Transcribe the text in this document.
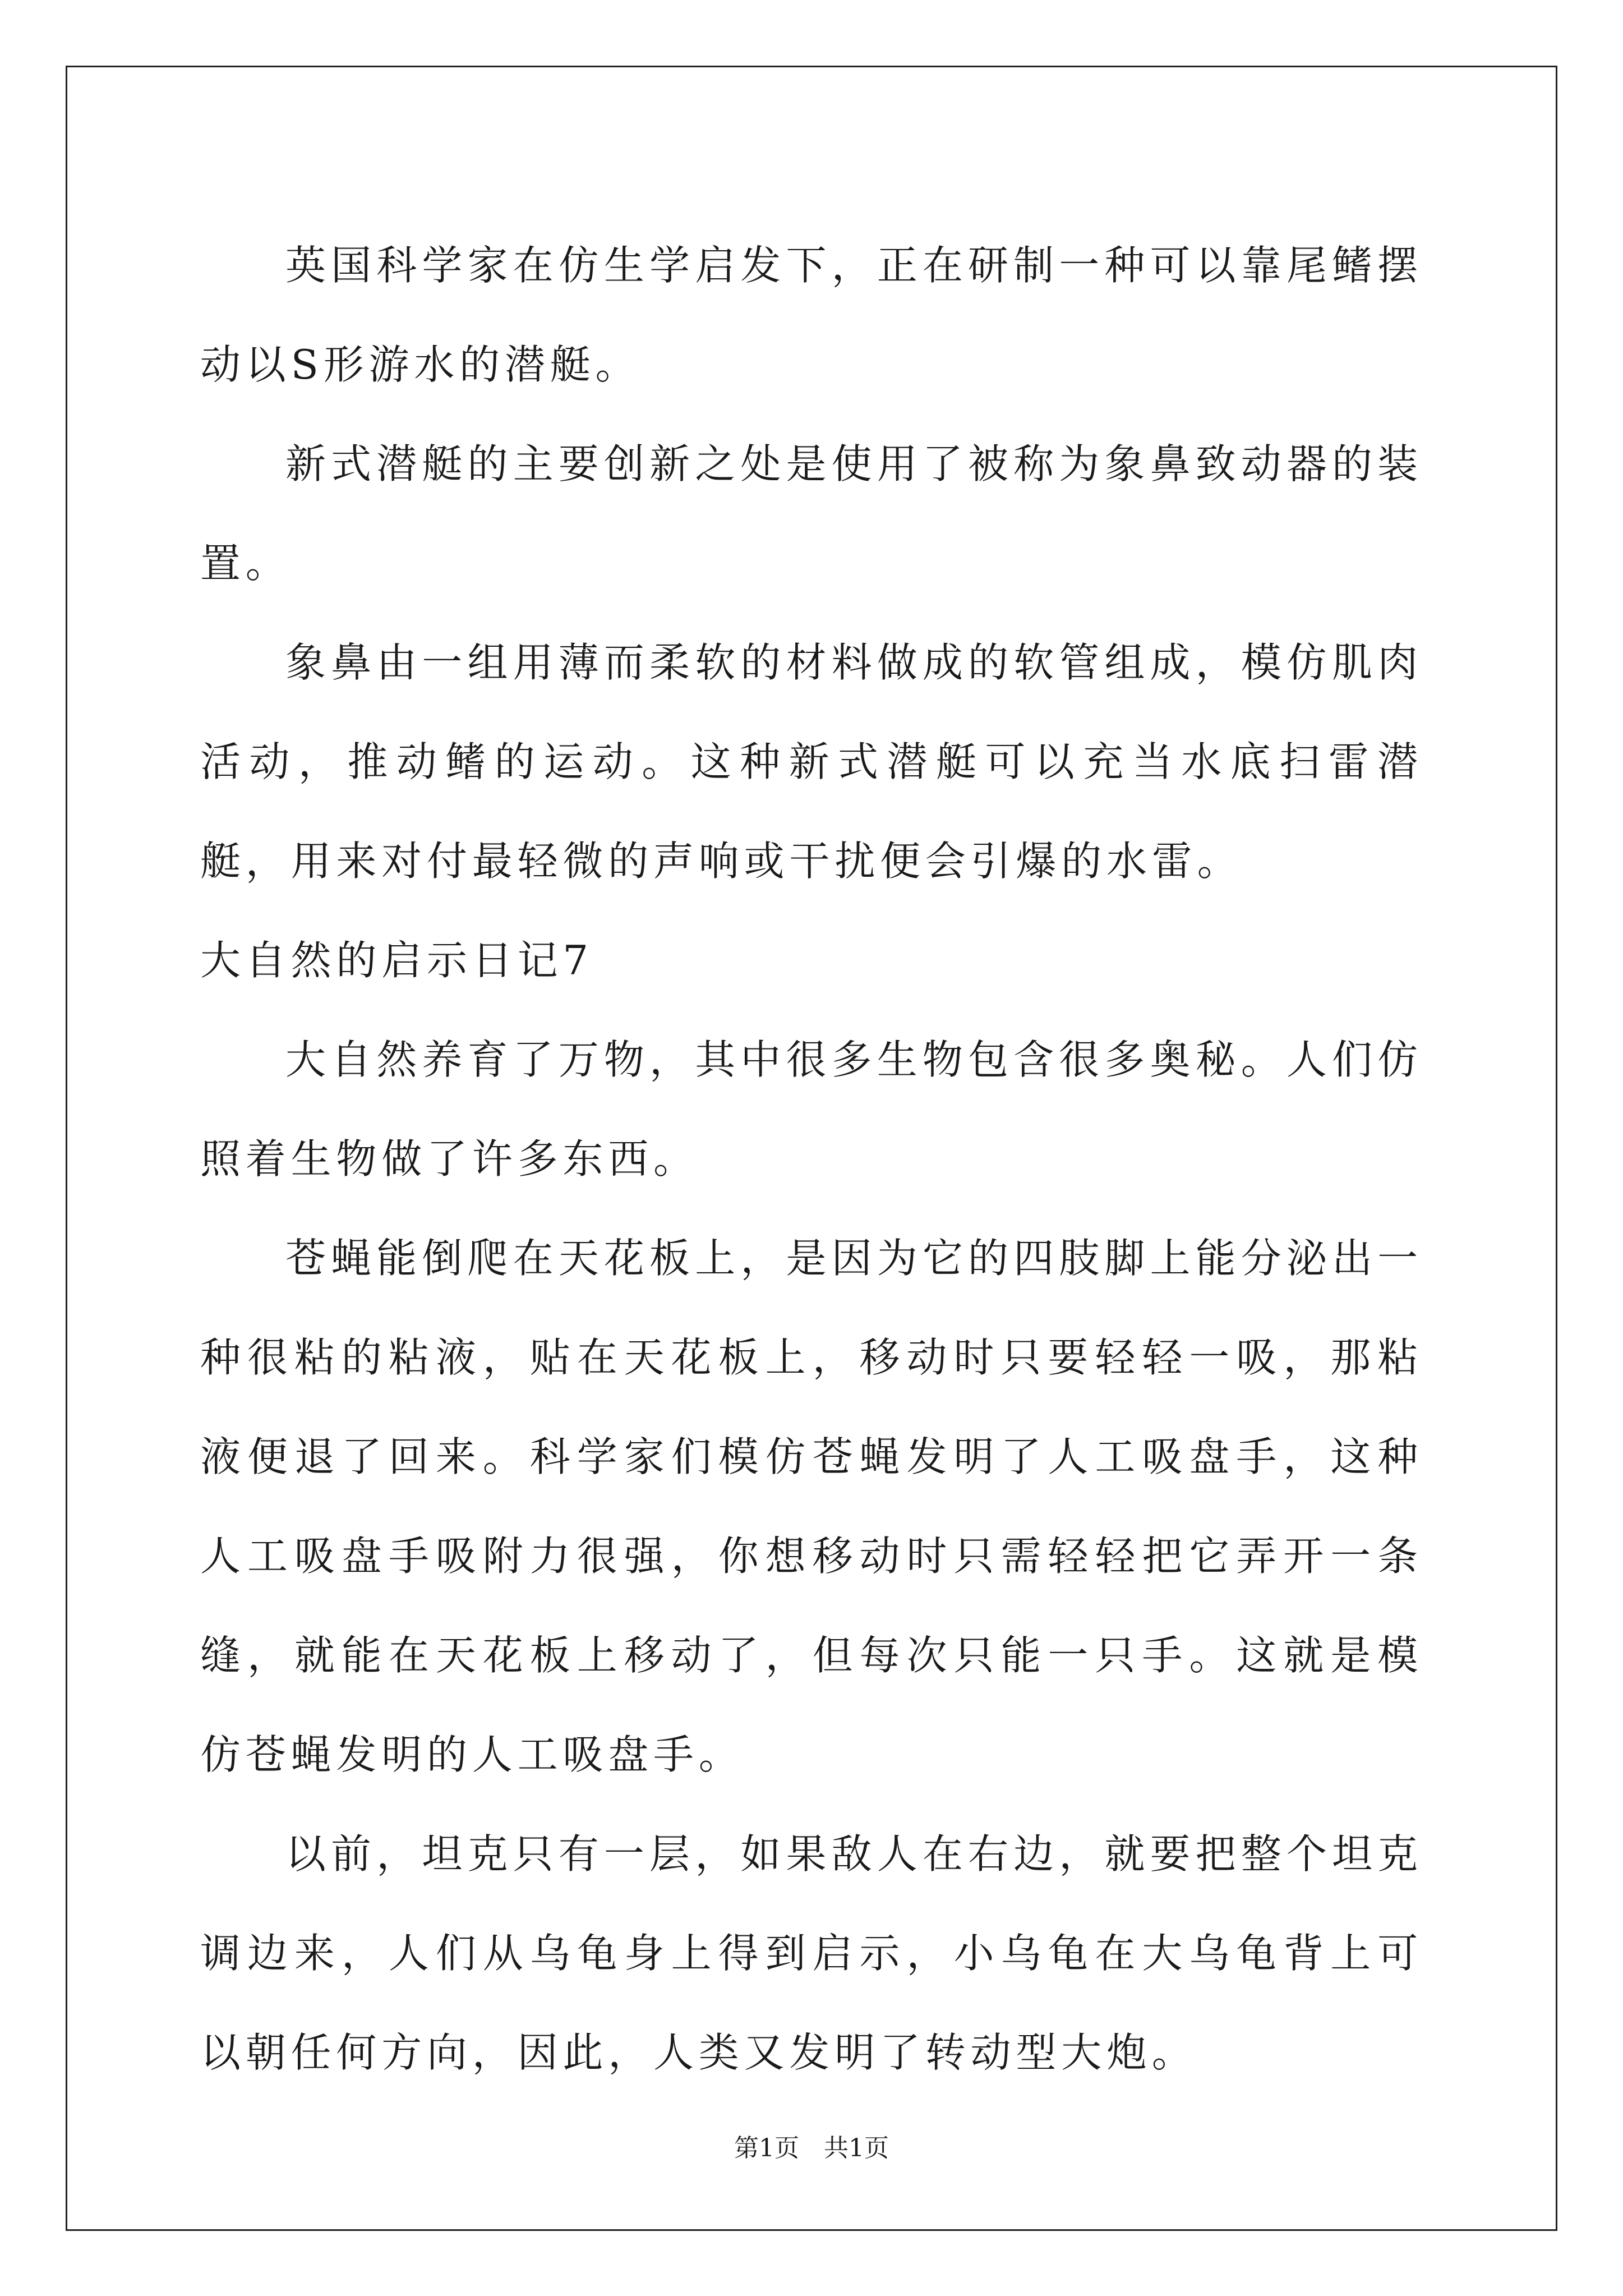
英国科学家在仿生学启发下，正在研制一种可以靠尾鳍摆动以S形游水的潜艇。

新式潜艇的主要创新之处是使用了被称为象鼻致动器的装置。

象鼻由一组用薄而柔软的材料做成的软管组成，模仿肌肉活动，推动鳍的运动。这种新式潜艇可以充当水底扫雷潜艇，用来对付最轻微的声响或干扰便会引爆的水雷。

大自然的启示日记7

大自然养育了万物，其中很多生物包含很多奥秘。人们仿照着生物做了许多东西。

苍蝇能倒爬在天花板上，是因为它的四肢脚上能分泌出一种很粘的粘液，贴在天花板上，移动时只要轻轻一吸，那粘液便退了回来。科学家们模仿苍蝇发明了人工吸盘手，这种人工吸盘手吸附力很强，你想移动时只需轻轻把它弄开一条缝，就能在天花板上移动了，但每次只能一只手。这就是模仿苍蝇发明的人工吸盘手。

以前，坦克只有一层，如果敌人在右边，就要把整个坦克调边来，人们从乌龟身上得到启示，小乌龟在大乌龟背上可以朝任何方向，因此，人类又发明了转动型大炮。

第1页　共1页
